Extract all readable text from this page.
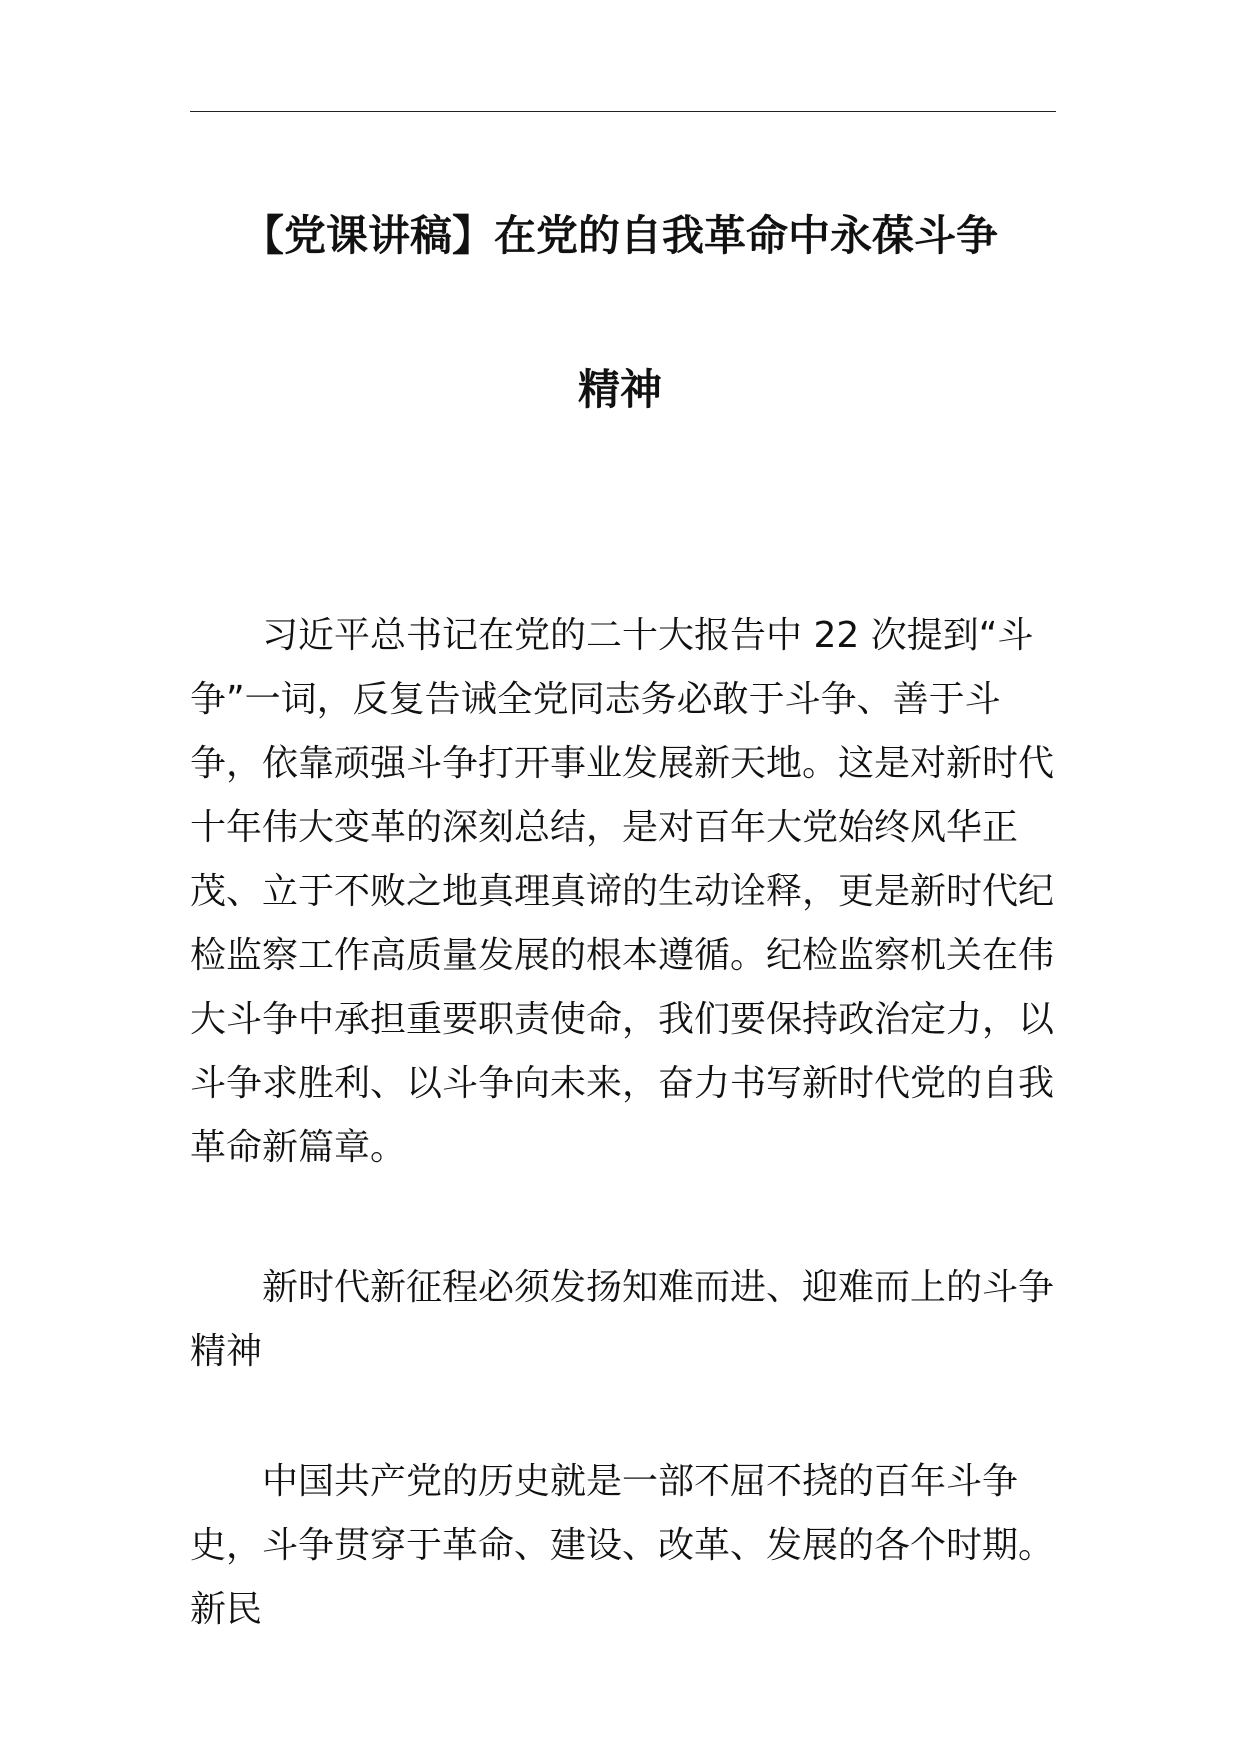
【党课讲稿】在党的自我革命中永葆斗争
精神

习近平总书记在党的二十大报告中 22 次提到“斗争”一词，反复告诫全党同志务必敢于斗争、善于斗争，依靠顽强斗争打开事业发展新天地。这是对新时代十年伟大变革的深刻总结，是对百年大党始终风华正茂、立于不败之地真理真谛的生动诠释，更是新时代纪检监察工作高质量发展的根本遵循。纪检监察机关在伟大斗争中承担重要职责使命，我们要保持政治定力，以斗争求胜利、以斗争向未来，奋力书写新时代党的自我革命新篇章。

新时代新征程必须发扬知难而进、迎难而上的斗争精神

中国共产党的历史就是一部不屈不挠的百年斗争史，斗争贯穿于革命、建设、改革、发展的各个时期。新民
